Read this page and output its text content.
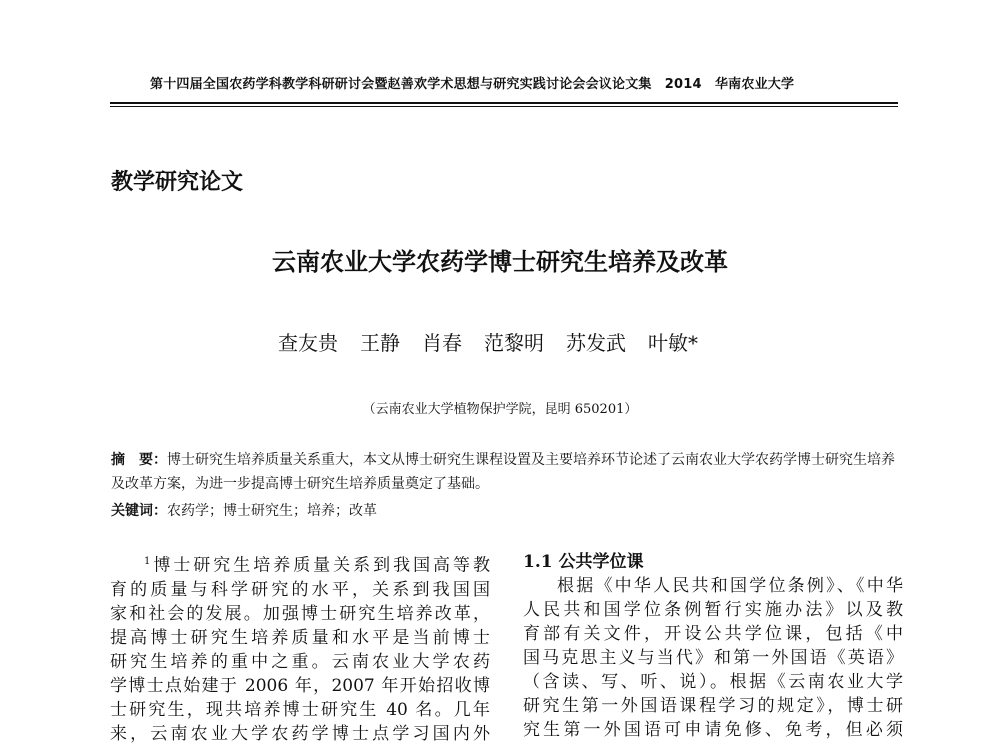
第十四届全国农药学科教学科研研讨会暨赵善欢学术思想与研究实践讨论会会议论文集　2014　华南农业大学
教学研究论文
云南农业大学农药学博士研究生培养及改革
查友贵 王静 肖春 范黎明 苏发武 叶敏*
（云南农业大学植物保护学院，昆明 650201）
摘　要：博士研究生培养质量关系重大，本文从博士研究生课程设置及主要培养环节论述了云南农业大学农药学博士研究生培养及改革方案，为进一步提高博士研究生培养质量奠定了基础。
关键词：农药学；博士研究生；培养；改革

$^1$博士研究生培养质量关系到我国高等教

育的质量与科学研究的水平，关系到我国国

家和社会的发展。加强博士研究生培养改革，

提高博士研究生培养质量和水平是当前博士

研究生培养的重中之重。云南农业大学农药

学博士点始建于 2006 年，2007 年开始招收博

士研究生，现共培养博士研究生 40 名。几年

来，云南农业大学农药学博士点学习国内外

1.1 公共学位课

根据《中华人民共和国学位条例》、《中华

人民共和国学位条例暂行实施办法》以及教

育部有关文件，开设公共学位课，包括《中

国马克思主义与当代》和第一外国语《英语》

（含读、写、听、说）。根据《云南农业大学

研究生第一外国语课程学习的规定》，博士研

究生第一外国语可申请免修、免考，但必须
